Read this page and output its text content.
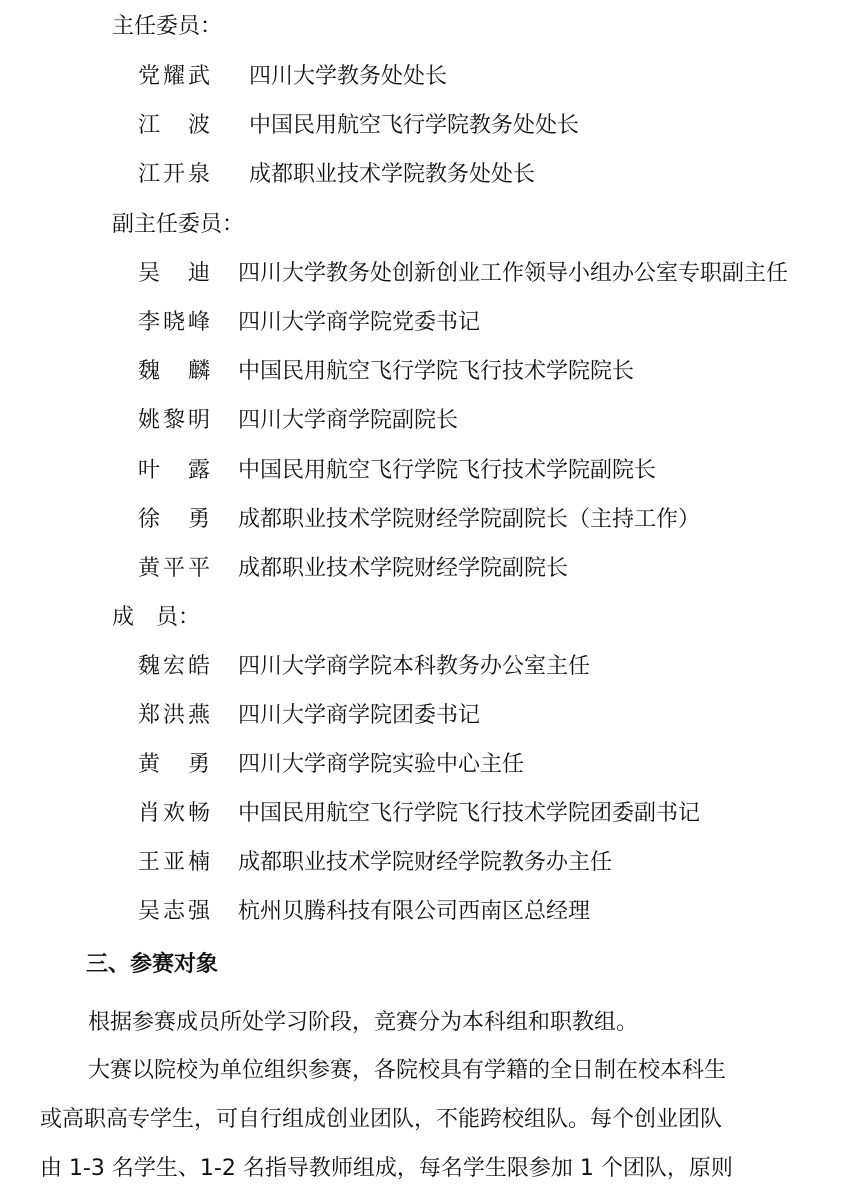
主任委员：
党耀武 四川大学教务处处长
江　波 中国民用航空飞行学院教务处处长
江开泉 成都职业技术学院教务处处长
副主任委员：
吴　迪 四川大学教务处创新创业工作领导小组办公室专职副主任
李晓峰 四川大学商学院党委书记
魏　麟 中国民用航空飞行学院飞行技术学院院长
姚黎明 四川大学商学院副院长
叶　露 中国民用航空飞行学院飞行技术学院副院长
徐　勇 成都职业技术学院财经学院副院长（主持工作）
黄平平 成都职业技术学院财经学院副院长
成　员：
魏宏皓 四川大学商学院本科教务办公室主任
郑洪燕 四川大学商学院团委书记
黄　勇 四川大学商学院实验中心主任
肖欢畅 中国民用航空飞行学院飞行技术学院团委副书记
王亚楠 成都职业技术学院财经学院教务办主任
吴志强 杭州贝腾科技有限公司西南区总经理
三、参赛对象
根据参赛成员所处学习阶段，竞赛分为本科组和职教组。
大赛以院校为单位组织参赛，各院校具有学籍的全日制在校本科生
或高职高专学生，可自行组成创业团队，不能跨校组队。每个创业团队
由 1-3 名学生、1-2 名指导教师组成，每名学生限参加 1 个团队，原则
